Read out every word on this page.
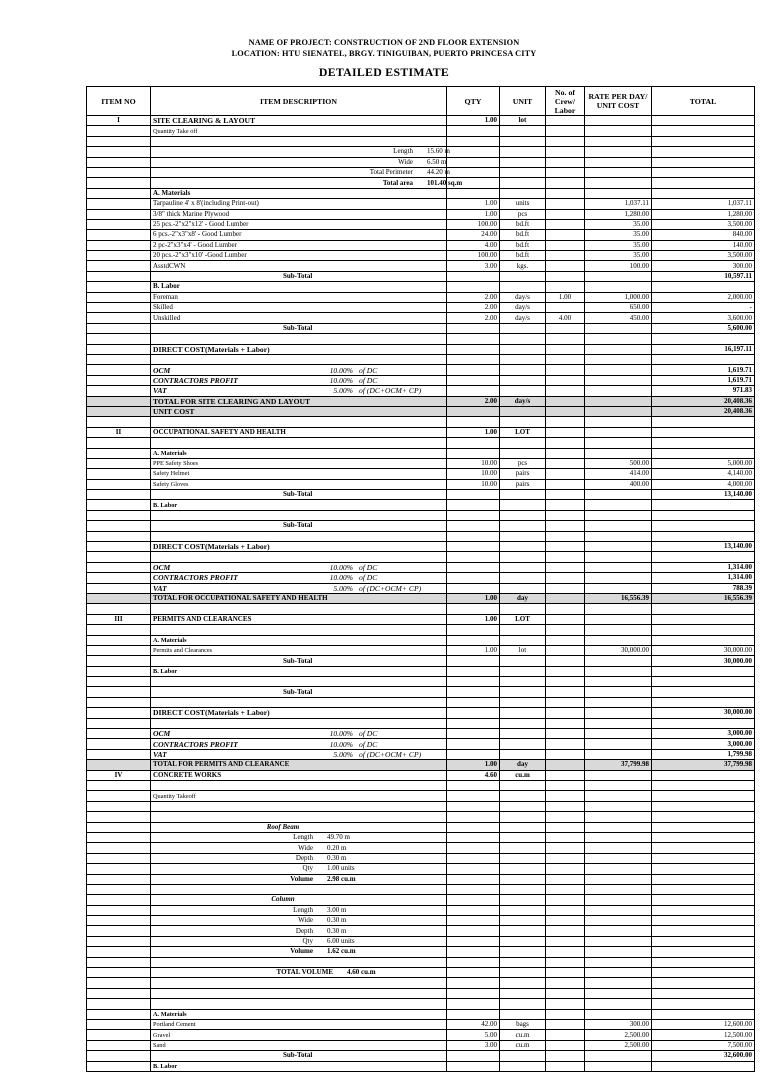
NAME OF PROJECT: CONSTRUCTION OF 2ND FLOOR EXTENSION
LOCATION: HTU SIENATEL, BRGY. TINIGUIBAN, PUERTO PRINCESA CITY
DETAILED ESTIMATE
ITEM NO	ITEM DESCRIPTION	QTY	UNIT	No. of Crew/ Labor	RATE PER DAY/ UNIT COST	TOTAL
I	SITE CLEARING & LAYOUT	1.00	lot			
	Quantity Take off					

	Length 15.60 m					
	Wide 6.50 m					
	Total Perimeter 44.20 m					
	Total area 101.40 sq.m					
	A. Materials					
	Tarpauline 4' x 8'(including Print-out)	1.00	units		1,037.11	1,037.11
	3/8" thick Marine Plywood	1.00	pcs		1,280.00	1,280.00
	25 pcs.-2"x2"x12' - Good Lumber	100.00	bd.ft		35.00	3,500.00
	6 pcs.-2"x3"x8' - Good Lumber	24.00	bd.ft		35.00	840.00
	2 pc-2"x3"x4' - Good Lumber	4.00	bd.ft		35.00	140.00
	20 pcs.-2"x3"x10' -Good Lumber	100.00	bd.ft		35.00	3,500.00
	AsstdCWN	3.00	kgs.		100.00	300.00
	Sub-Total					10,597.11
	B. Labor					
	Foreman	2.00	day/s	1.00	1,000.00	2,000.00
	Skilled	2.00	day/s		650.00	-
	Unskilled	2.00	day/s	4.00	450.00	3,600.00
	Sub-Total					5,600.00

	DIRECT COST(Materials + Labor)					16,197.11

	OCM 10.00% of DC					1,619.71
	CONTRACTORS PROFIT 10.00% of DC					1,619.71
	VAT 5.00% of (DC+OCM+ CP)					971.83
	TOTAL FOR SITE CLEARING AND LAYOUT	2.00	day/s			20,408.36
	UNIT COST					20,408.36

II	OCCUPATIONAL SAFETY AND HEALTH	1.00	LOT			

	A. Materials					
	PPE Safety Shoes	10.00	pcs		500.00	5,000.00
	Safety Helmet	10.00	pairs		414.00	4,140.00
	Safety Gloves	10.00	pairs		400.00	4,000.00
	Sub-Total					13,140.00
	B. Labor					

	Sub-Total					

	DIRECT COST(Materials + Labor)					13,140.00

	OCM 10.00% of DC					1,314.00
	CONTRACTORS PROFIT 10.00% of DC					1,314.00
	VAT 5.00% of (DC+OCM+ CP)					788.39
	TOTAL FOR OCCUPATIONAL SAFETY AND HEALTH	1.00	day		16,556.39	16,556.39

III	PERMITS AND CLEARANCES	1.00	LOT			

	A. Materials					
	Permits and Clearances	1.00	lot		30,000.00	30,000.00
	Sub-Total					30,000.00
	B. Labor					

	Sub-Total					

	DIRECT COST(Materials + Labor)					30,000.00

	OCM 10.00% of DC					3,000.00
	CONTRACTORS PROFIT 10.00% of DC					3,000.00
	VAT 5.00% of (DC+OCM+ CP)					1,799.98
	TOTAL FOR PERMITS AND CLEARANCE	1.00	day		37,799.98	37,799.98
IV	CONCRETE WORKS	4.60	cu.m			

	Quantity Takeoff					

	Roof Beam					
	Length 49.70 m					
	Wide 0.20 m					
	Depth 0.30 m					
	Qty 1.00 units					
	Volume 2.98 cu.m					

	Column					
	Length 3.00 m					
	Wide 0.30 m					
	Depth 0.30 m					
	Qty 6.00 units					
	Volume 1.62 cu.m					

	TOTAL VOLUME 4.60 cu.m					

	A. Materials					
	Portland Cement	42.00	bags		300.00	12,600.00
	Gravel	5.00	cu.m		2,500.00	12,500.00
	Sand	3.00	cu.m		2,500.00	7,500.00
	Sub-Total					32,600.00
	B. Labor					
